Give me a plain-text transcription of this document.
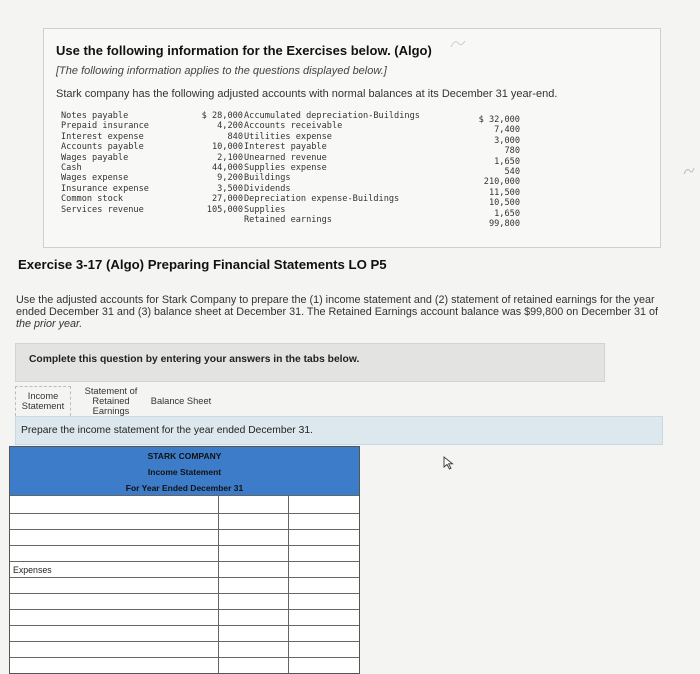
Use the following information for the Exercises below. (Algo)
[The following information applies to the questions displayed below.]
Stark company has the following adjusted accounts with normal balances at its December 31 year-end.
Notes payable
Prepaid insurance
Interest expense
Accounts payable
Wages payable
Cash
Wages expense
Insurance expense
Common stock
Services revenue
$ 28,000
4,200
840
10,000
2,100
44,000
9,200
3,500
27,000
105,000
Accumulated depreciation-Buildings
Accounts receivable
Utilities expense
Interest payable
Unearned revenue
Supplies expense
Buildings
Dividends
Depreciation expense-Buildings
Supplies
Retained earnings
$ 32,000
7,400
3,000
780
1,650
540
210,000
11,500
10,500
1,650
99,800
Exercise 3-17 (Algo) Preparing Financial Statements LO P5
Use the adjusted accounts for Stark Company to prepare the (1) income statement and (2) statement of retained earnings for the year ended December 31 and (3) balance sheet at December 31. The Retained Earnings account balance was $99,800 on December 31 of the prior year.
Complete this question by entering your answers in the tabs below.
Income
Statement
Statement of
Retained
Earnings
Balance Sheet
Prepare the income statement for the year ended December 31.
STARK COMPANY
Income Statement
For Year Ended December 31
Expenses
